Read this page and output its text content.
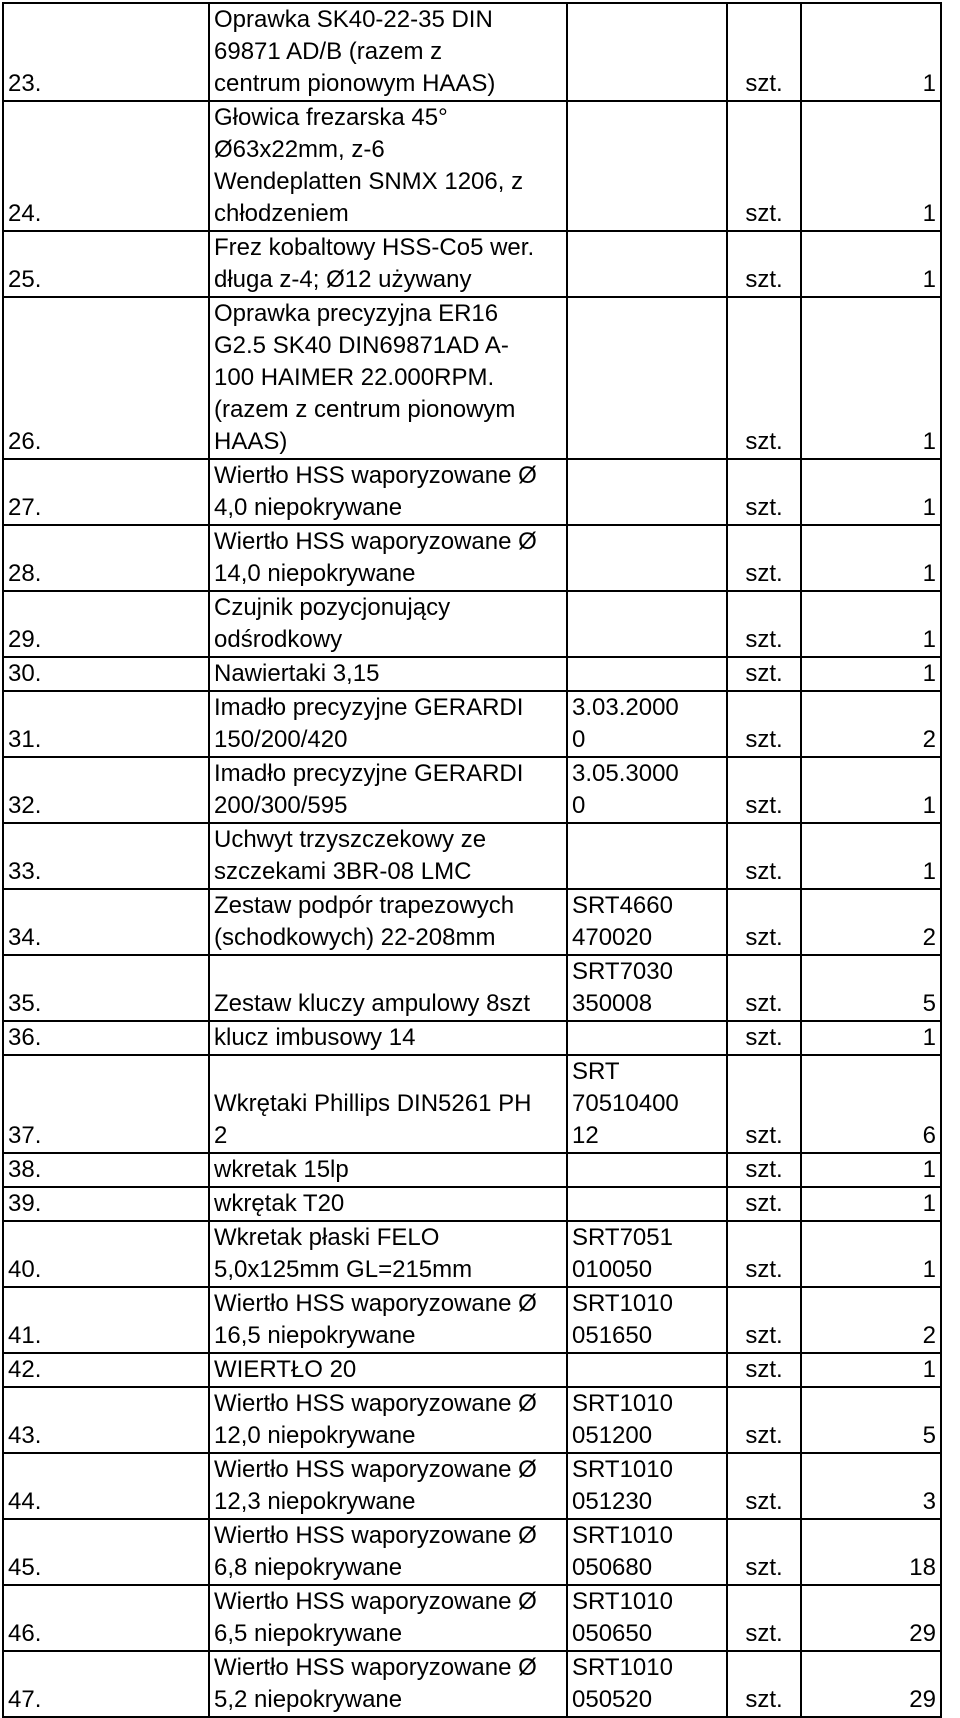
23.	Oprawka SK40-22-35 DIN
69871 AD/B (razem z
centrum pionowym HAAS)		szt.	1
24.	Głowica frezarska 45°
Ø63x22mm, z-6
Wendeplatten SNMX 1206, z
chłodzeniem		szt.	1
25.	Frez kobaltowy HSS-Co5 wer.
długa z-4; Ø12 używany		szt.	1
26.	Oprawka precyzyjna ER16
G2.5 SK40 DIN69871AD A-
100 HAIMER 22.000RPM.
(razem z centrum pionowym
HAAS)		szt.	1
27.	Wiertło HSS waporyzowane Ø
4,0 niepokrywane		szt.	1
28.	Wiertło HSS waporyzowane Ø
14,0 niepokrywane		szt.	1
29.	Czujnik pozycjonujący
odśrodkowy		szt.	1
30.	Nawiertaki 3,15		szt.	1
31.	Imadło precyzyjne GERARDI
150/200/420	3.03.2000
0	szt.	2
32.	Imadło precyzyjne GERARDI
200/300/595	3.05.3000
0	szt.	1
33.	Uchwyt trzyszczekowy ze
szczekami 3BR-08 LMC		szt.	1
34.	Zestaw podpór trapezowych
(schodkowych) 22-208mm	SRT4660
470020	szt.	2
35.	Zestaw kluczy ampulowy 8szt	SRT7030
350008	szt.	5
36.	klucz imbusowy 14		szt.	1
37.	Wkrętaki Phillips DIN5261 PH
2	SRT
70510400
12	szt.	6
38.	wkretak 15lp		szt.	1
39.	wkrętak T20		szt.	1
40.	Wkretak płaski FELO
5,0x125mm GL=215mm	SRT7051
010050	szt.	1
41.	Wiertło HSS waporyzowane Ø
16,5 niepokrywane	SRT1010
051650	szt.	2
42.	WIERTŁO 20		szt.	1
43.	Wiertło HSS waporyzowane Ø
12,0 niepokrywane	SRT1010
051200	szt.	5
44.	Wiertło HSS waporyzowane Ø
12,3 niepokrywane	SRT1010
051230	szt.	3
45.	Wiertło HSS waporyzowane Ø
6,8 niepokrywane	SRT1010
050680	szt.	18
46.	Wiertło HSS waporyzowane Ø
6,5 niepokrywane	SRT1010
050650	szt.	29
47.	Wiertło HSS waporyzowane Ø
5,2 niepokrywane	SRT1010
050520	szt.	29
